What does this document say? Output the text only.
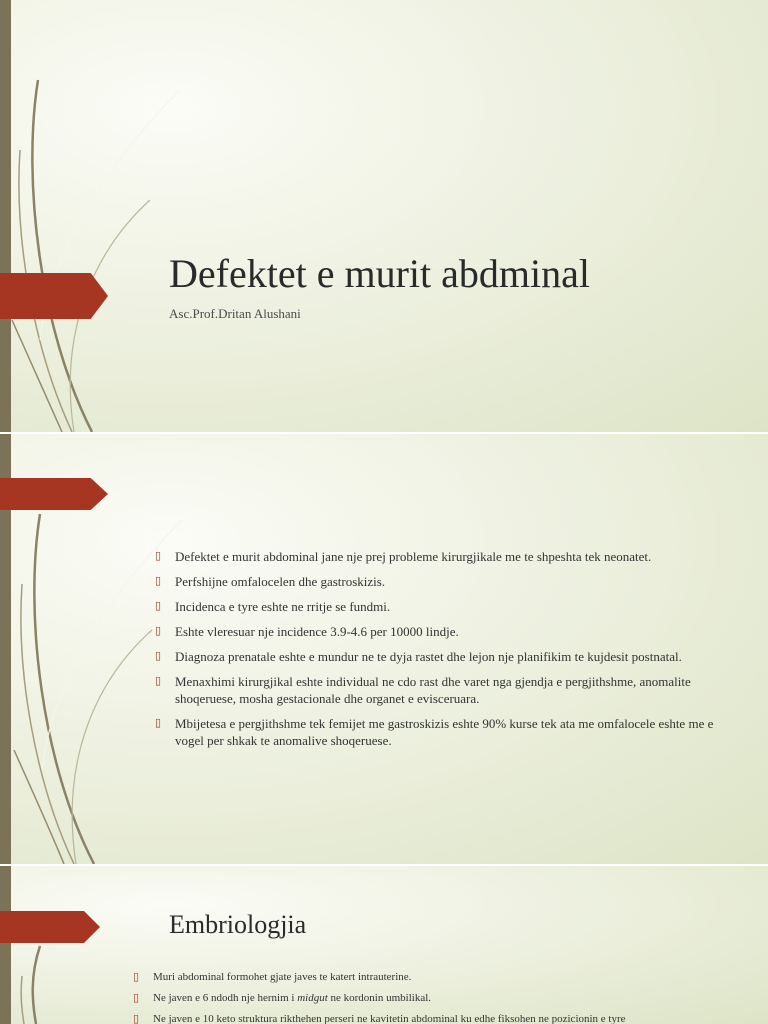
Defektet e murit abdminal
Asc.Prof.Dritan Alushani
▯ Defektet e murit abdominal jane nje prej probleme kirurgjikale me te shpeshta tek neonatet.
▯ Perfshijne omfalocelen dhe gastroskizis.
▯ Incidenca e tyre eshte ne rritje se fundmi.
▯ Eshte vleresuar nje incidence 3.9-4.6 per 10000 lindje.
▯ Diagnoza prenatale eshte e mundur ne te dyja rastet dhe lejon nje planifikim te kujdesit postnatal.
▯ Menaxhimi kirurgjikal eshte individual ne cdo rast dhe varet nga gjendja e pergjithshme, anomalite shoqeruese, mosha gestacionale dhe organet e evisceruara.
▯ Mbijetesa e pergjithshme tek femijet me gastroskizis eshte 90% kurse tek ata me omfalocele eshte me e vogel per shkak te anomalive shoqeruese.
Embriologjia
▯ Muri abdominal formohet gjate javes te katert intrauterine.
▯ Ne javen e 6 ndodh nje hernim i midgut ne kordonin umbilikal.
▯ Ne javen e 10 keto struktura rikthehen perseri ne kavitetin abdominal ku edhe fiksohen ne pozicionin e tyre
